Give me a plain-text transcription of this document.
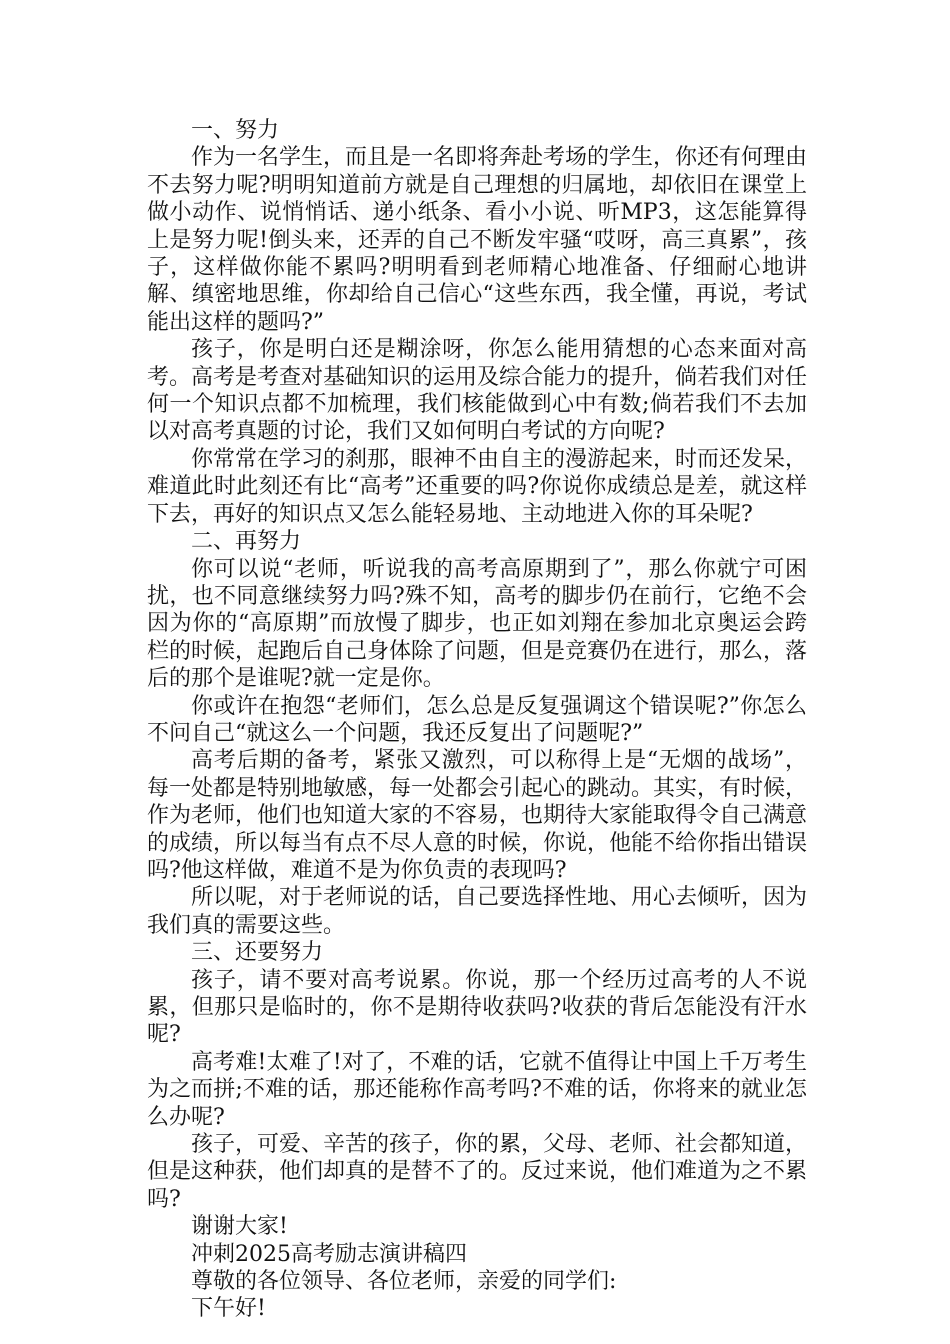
一、努力

作为一名学生，而且是一名即将奔赴考场的学生，你还有何理由不去努力呢?明明知道前方就是自己理想的归属地，却依旧在课堂上做小动作、说悄悄话、递小纸条、看小小说、听MP3，这怎能算得上是努力呢!倒头来，还弄的自己不断发牢骚“哎呀，高三真累”，孩子，这样做你能不累吗?明明看到老师精心地准备、仔细耐心地讲解、缜密地思维，你却给自己信心“这些东西，我全懂，再说，考试能出这样的题吗?”

孩子，你是明白还是糊涂呀，你怎么能用猜想的心态来面对高考。高考是考查对基础知识的运用及综合能力的提升，倘若我们对任何一个知识点都不加梳理，我们核能做到心中有数;倘若我们不去加以对高考真题的讨论，我们又如何明白考试的方向呢?

你常常在学习的刹那，眼神不由自主的漫游起来，时而还发呆，难道此时此刻还有比“高考”还重要的吗?你说你成绩总是差，就这样下去，再好的知识点又怎么能轻易地、主动地进入你的耳朵呢?

二、再努力

你可以说“老师，听说我的高考高原期到了”，那么你就宁可困扰，也不同意继续努力吗?殊不知，高考的脚步仍在前行，它绝不会因为你的“高原期”而放慢了脚步，也正如刘翔在参加北京奥运会跨栏的时候，起跑后自己身体除了问题，但是竞赛仍在进行，那么，落后的那个是谁呢?就一定是你。

你或许在抱怨“老师们，怎么总是反复强调这个错误呢?”你怎么不问自己“就这么一个问题，我还反复出了问题呢?”

高考后期的备考，紧张又激烈，可以称得上是“无烟的战场”，每一处都是特别地敏感，每一处都会引起心的跳动。其实，有时候，作为老师，他们也知道大家的不容易，也期待大家能取得令自己满意的成绩，所以每当有点不尽人意的时候，你说，他能不给你指出错误吗?他这样做，难道不是为你负责的表现吗?

所以呢，对于老师说的话，自己要选择性地、用心去倾听，因为我们真的需要这些。

三、还要努力

孩子，请不要对高考说累。你说，那一个经历过高考的人不说累，但那只是临时的，你不是期待收获吗?收获的背后怎能没有汗水呢?

高考难!太难了!对了，不难的话，它就不值得让中国上千万考生为之而拼;不难的话，那还能称作高考吗?不难的话，你将来的就业怎么办呢?

孩子，可爱、辛苦的孩子，你的累，父母、老师、社会都知道，但是这种获，他们却真的是替不了的。反过来说，他们难道为之不累吗?

谢谢大家!

冲刺2025高考励志演讲稿四

尊敬的各位领导、各位老师，亲爱的同学们:

下午好!
